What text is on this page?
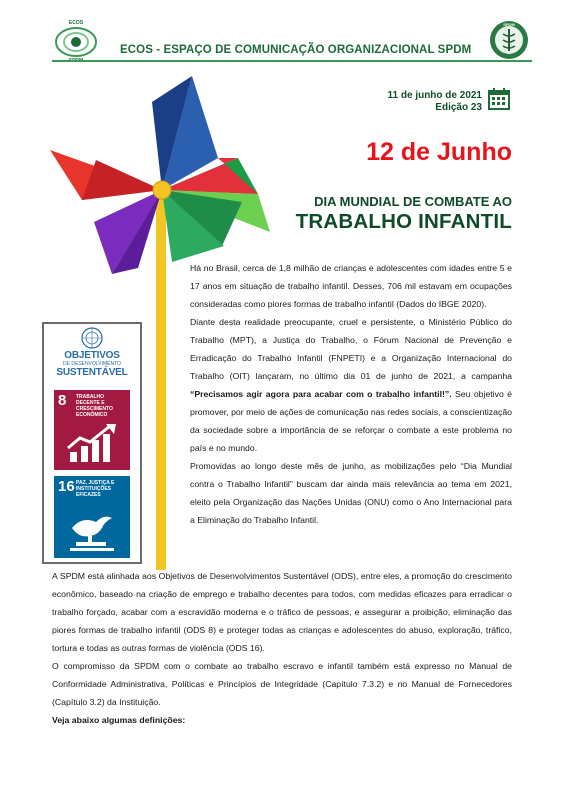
ECOS
ECOS - ESPAÇO DE COMUNICAÇÃO ORGANIZACIONAL SPDM
SPDM
11 de junho de 2021
Edição 23
12 de Junho
DIA MUNDIAL DE COMBATE AO
TRABALHO INFANTIL
OBJETIVOS
DE DESENVOLVIMENTO
SUSTENTÁVEL
8 TRABALHO DECENTE E CRESCIMENTO ECONÔMICO
16 PAZ, JUSTIÇA E INSTITUIÇÕES EFICAZES

Há no Brasil, cerca de 1,8 milhão de crianças e adolescentes com idades entre 5 e 17 anos em situação de trabalho infantil. Desses, 706 mil estavam em ocupações consideradas como piores formas de trabalho infantil (Dados do IBGE 2020).

Diante desta realidade preocupante, cruel e persistente, o Ministério Público do Trabalho (MPT), a Justiça do Trabalho, o Fórum Nacional de Prevenção e Erradicação do Trabalho Infantil (FNPETI) e a Organização Internacional do Trabalho (OIT) lançaram, no último dia 01 de junho de 2021, a campanha “Precisamos agir agora para acabar com o trabalho infantil!”. Seu objetivo é promover, por meio de ações de comunicação nas redes sociais, a conscientização da sociedade sobre a importância de se reforçar o combate a este problema no país e no mundo.

Promovidas ao longo deste mês de junho, as mobilizações pelo “Dia Mundial contra o Trabalho Infantil” buscam dar ainda mais relevância ao tema em 2021, eleito pela Organização das Nações Unidas (ONU) como o Ano Internacional para a Eliminação do Trabalho Infantil.

A SPDM está alinhada aos Objetivos de Desenvolvimentos Sustentável (ODS), entre eles, a promoção do crescimento econômico, baseado na criação de emprego e trabalho decentes para todos, com medidas eficazes para erradicar o trabalho forçado, acabar com a escravidão moderna e o tráfico de pessoas, e assegurar a proibição, eliminação das piores formas de trabalho infantil (ODS 8) e proteger todas as crianças e adolescentes do abuso, exploração, tráfico, tortura e todas as outras formas de violência (ODS 16).

O compromisso da SPDM com o combate ao trabalho escravo e infantil também está expresso no Manual de Conformidade Administrativa, Políticas e Princípios de Integridade (Capítulo 7.3.2) e no Manual de Fornecedores (Capítulo 3.2) da Instituição.

Veja abaixo algumas definições:
